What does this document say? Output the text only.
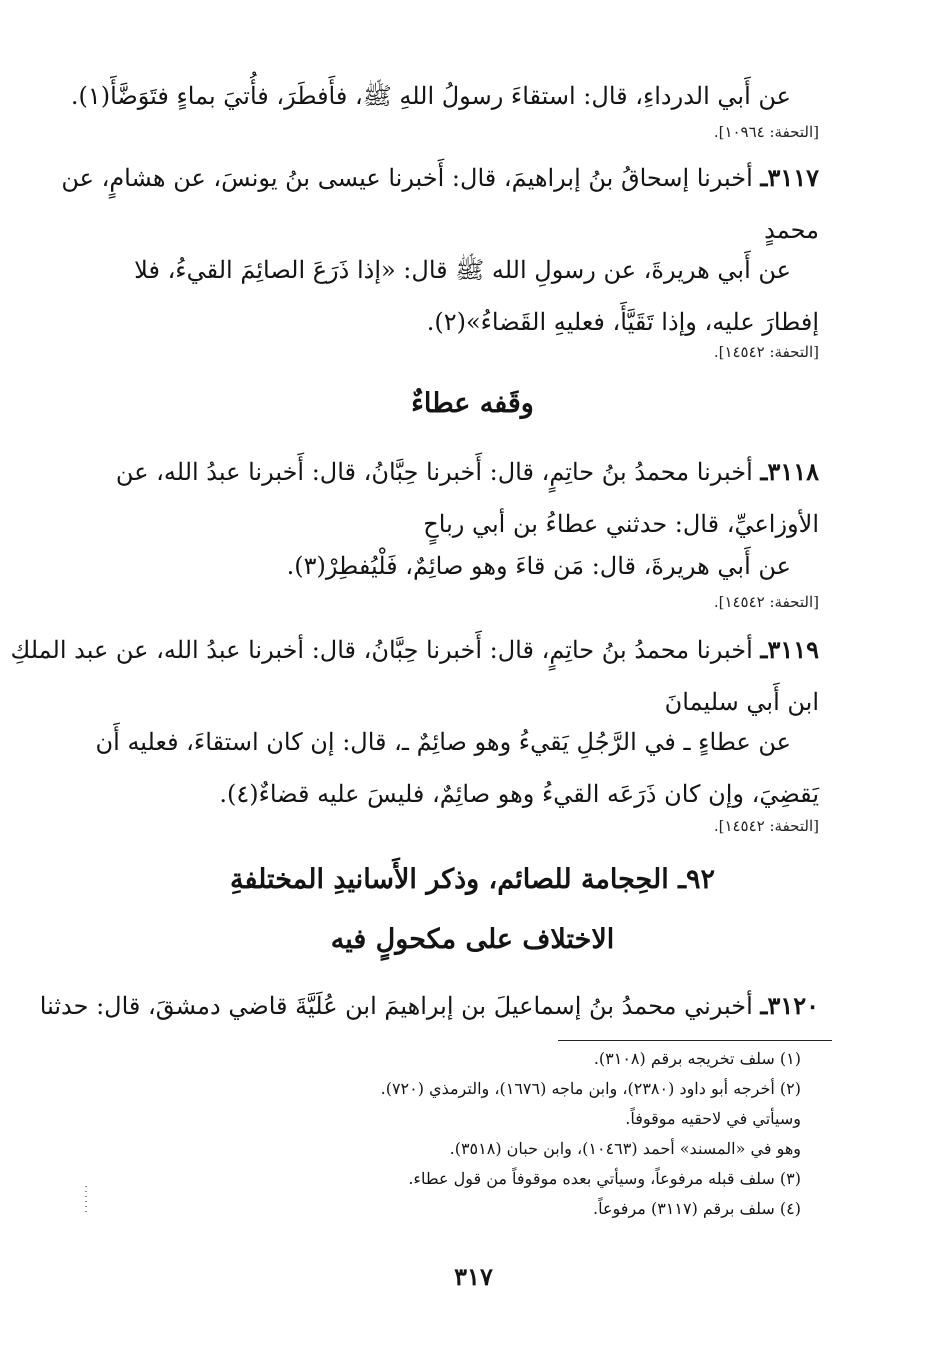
عن أَبي الدرداءِ، قال: استقاءَ رسولُ اللهِ ﷺ، فأَفطَرَ، فأُتيَ بماءٍ فتَوَضَّأَ(١).
[التحفة: ١٠٩٦٤].
٣١١٧ـ أخبرنا إسحاقُ بنُ إبراهيمَ، قال: أَخبرنا عيسى بنُ يونسَ، عن هشامٍ، عن
محمدٍ
عن أَبي هريرةَ، عن رسولِ الله ﷺ قال: «إذا ذَرَعَ الصائِمَ القيءُ، فلا
إفطارَ عليه، وإذا تَقَيَّأَ، فعليهِ القَضاءُ»(٢).
[التحفة: ١٤٥٤٢].
وقَفه عطاءٌ
٣١١٨ـ أخبرنا محمدُ بنُ حاتِمٍ، قال: أَخبرنا حِبَّانُ، قال: أَخبرنا عبدُ الله، عن
الأوزاعيِّ، قال: حدثني عطاءُ بن أبي رباحٍ
عن أَبي هريرةَ، قال: مَن قاءَ وهو صائِمٌ، فَلْيُفطِرْ(٣).
[التحفة: ١٤٥٤٢].
٣١١٩ـ أخبرنا محمدُ بنُ حاتِمٍ، قال: أَخبرنا حِبَّانُ، قال: أخبرنا عبدُ الله، عن عبد الملكِ
ابن أَبي سليمانَ
عن عطاءٍ ـ في الرَّجُلِ يَقيءُ وهو صائِمٌ ـ، قال: إن كان استقاءَ، فعليه أَن
يَقضِيَ، وإن كان ذَرَعَه القيءُ وهو صائِمٌ، فليسَ عليه قضاءٌ(٤).
[التحفة: ١٤٥٤٢].
٩٢ـ الحِجامة للصائم، وذكر الأَسانيدِ المختلفةِ
الاختلاف على مكحولٍ فيه
٣١٢٠ـ أخبرني محمدُ بنُ إسماعيلَ بن إبراهيمَ ابن عُلَيَّةَ قاضي دمشقَ، قال: حدثنا
(١) سلف تخريجه برقم (٣١٠٨).
(٢) أخرجه أبو داود (٢٣٨٠)، وابن ماجه (١٦٧٦)، والترمذي (٧٢٠).
وسيأتي في لاحقيه موقوفاً.
وهو في «المسند» أحمد (١٠٤٦٣)، وابن حبان (٣٥١٨).
(٣) سلف قبله مرفوعاً، وسيأتي بعده موقوفاً من قول عطاء.
(٤) سلف برقم (٣١١٧) مرفوعاً.
٣١٧
